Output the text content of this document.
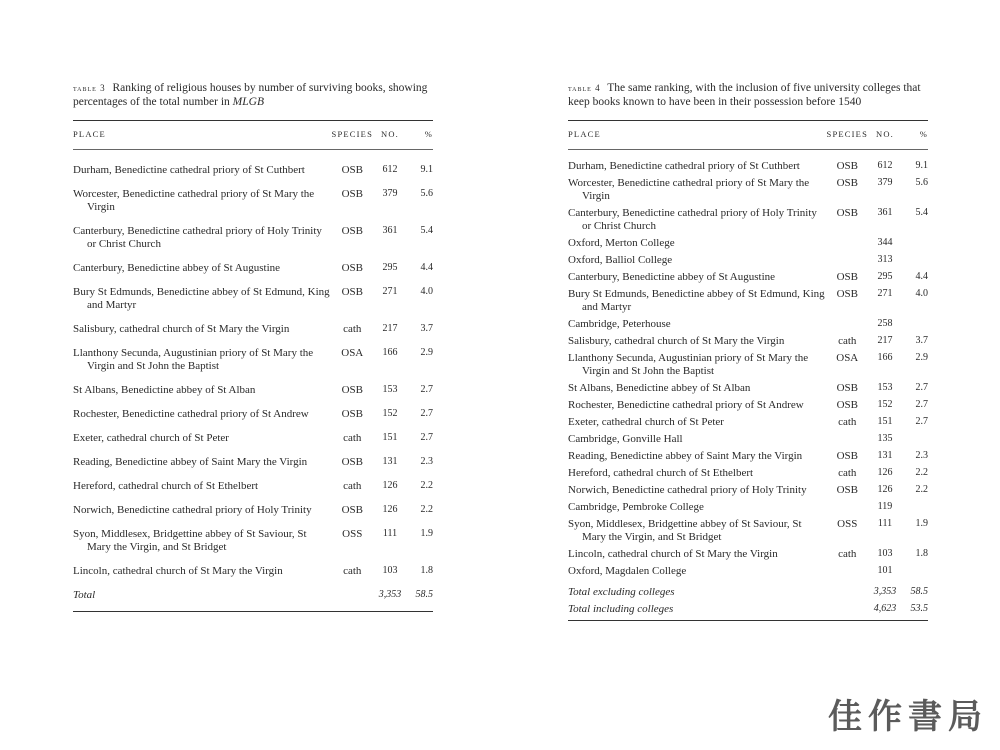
table 3 Ranking of religious houses by number of surviving books, showing percentages of the total number in MLGB
PLACE	SPECIES	NO.	%
Durham, Benedictine cathedral priory of St Cuthbert	OSB	612	9.1
Worcester, Benedictine cathedral priory of St Mary the Virgin	OSB	379	5.6
Canterbury, Benedictine cathedral priory of Holy Trinity or Christ Church	OSB	361	5.4
Canterbury, Benedictine abbey of St Augustine	OSB	295	4.4
Bury St Edmunds, Benedictine abbey of St Edmund, King and Martyr	OSB	271	4.0
Salisbury, cathedral church of St Mary the Virgin	cath	217	3.7
Llanthony Secunda, Augustinian priory of St Mary the Virgin and St John the Baptist	OSA	166	2.9
St Albans, Benedictine abbey of St Alban	OSB	153	2.7
Rochester, Benedictine cathedral priory of St Andrew	OSB	152	2.7
Exeter, cathedral church of St Peter	cath	151	2.7
Reading, Benedictine abbey of Saint Mary the Virgin	OSB	131	2.3
Hereford, cathedral church of St Ethelbert	cath	126	2.2
Norwich, Benedictine cathedral priory of Holy Trinity	OSB	126	2.2
Syon, Middlesex, Bridgettine abbey of St Saviour, St Mary the Virgin, and St Bridget	OSS	111	1.9
Lincoln, cathedral church of St Mary the Virgin	cath	103	1.8
Total		3,353	58.5
table 4 The same ranking, with the inclusion of five university colleges that keep books known to have been in their possession before 1540
PLACE	SPECIES	NO.	%
Durham, Benedictine cathedral priory of St Cuthbert	OSB	612	9.1
Worcester, Benedictine cathedral priory of St Mary the Virgin	OSB	379	5.6
Canterbury, Benedictine cathedral priory of Holy Trinity or Christ Church	OSB	361	5.4
Oxford, Merton College		344	
Oxford, Balliol College		313	
Canterbury, Benedictine abbey of St Augustine	OSB	295	4.4
Bury St Edmunds, Benedictine abbey of St Edmund, King and Martyr	OSB	271	4.0
Cambridge, Peterhouse		258	
Salisbury, cathedral church of St Mary the Virgin	cath	217	3.7
Llanthony Secunda, Augustinian priory of St Mary the Virgin and St John the Baptist	OSA	166	2.9
St Albans, Benedictine abbey of St Alban	OSB	153	2.7
Rochester, Benedictine cathedral priory of St Andrew	OSB	152	2.7
Exeter, cathedral church of St Peter	cath	151	2.7
Cambridge, Gonville Hall		135	
Reading, Benedictine abbey of Saint Mary the Virgin	OSB	131	2.3
Hereford, cathedral church of St Ethelbert	cath	126	2.2
Norwich, Benedictine cathedral priory of Holy Trinity	OSB	126	2.2
Cambridge, Pembroke College		119	
Syon, Middlesex, Bridgettine abbey of St Saviour, St Mary the Virgin, and St Bridget	OSS	111	1.9
Lincoln, cathedral church of St Mary the Virgin	cath	103	1.8
Oxford, Magdalen College		101	
Total excluding colleges		3,353	58.5
Total including colleges		4,623	53.5
佳作書局
